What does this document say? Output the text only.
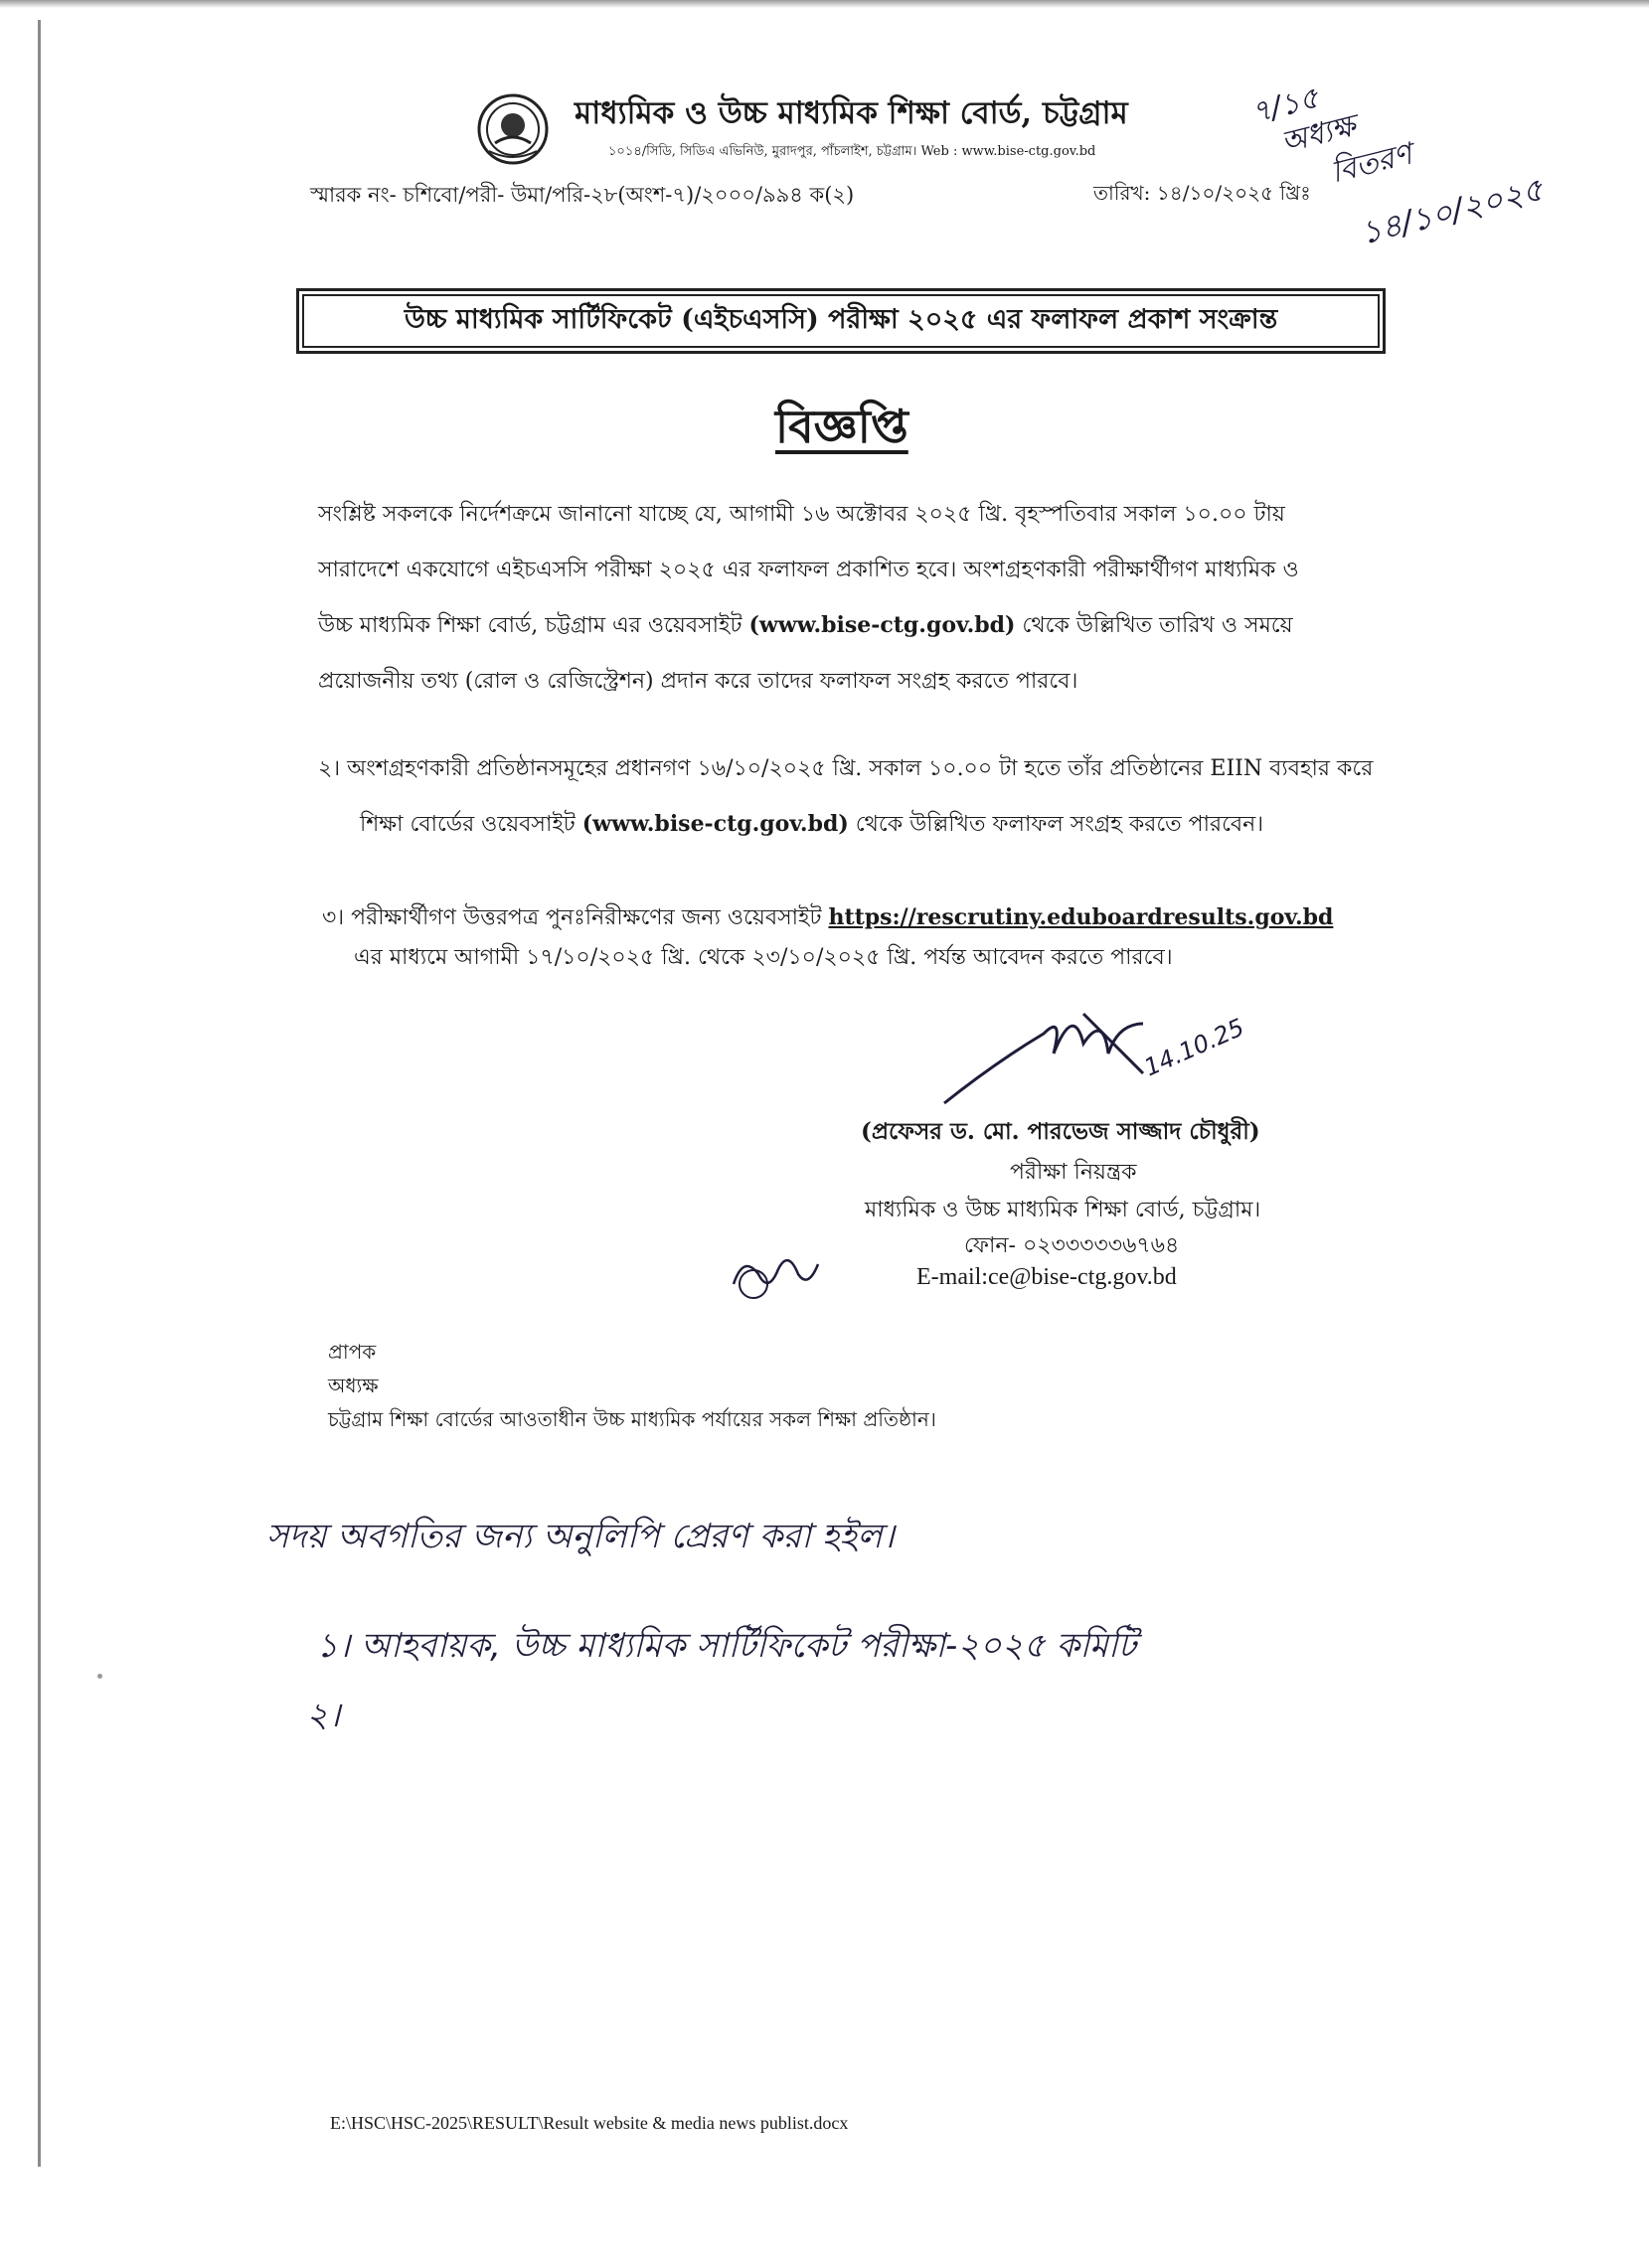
মাধ্যমিক ও উচ্চ মাধ্যমিক শিক্ষা বোর্ড, চট্টগ্রাম
১০১৪/সিডি, সিডিএ এভিনিউ, মুরাদপুর, পাঁচলাইশ, চট্টগ্রাম। Web : www.bise-ctg.gov.bd
স্মারক নং- চশিবো/পরী- উমা/পরি-২৮(অংশ-৭)/২০০০/৯৯৪ ক(২)	তারিখ: ১৪/১০/২০২৫ খ্রিঃ
উচ্চ মাধ্যমিক সার্টিফিকেট (এইচএসসি) পরীক্ষা ২০২৫ এর ফলাফল প্রকাশ সংক্রান্ত
বিজ্ঞপ্তি
সংশ্লিষ্ট সকলকে নির্দেশক্রমে জানানো যাচ্ছে যে, আগামী ১৬ অক্টোবর ২০২৫ খ্রি. বৃহস্পতিবার সকাল ১০.০০ টায়
সারাদেশে একযোগে এইচএসসি পরীক্ষা ২০২৫ এর ফলাফল প্রকাশিত হবে। অংশগ্রহণকারী পরীক্ষার্থীগণ মাধ্যমিক ও
উচ্চ মাধ্যমিক শিক্ষা বোর্ড, চট্টগ্রাম এর ওয়েবসাইট (www.bise-ctg.gov.bd) থেকে উল্লিখিত তারিখ ও সময়ে
প্রয়োজনীয় তথ্য (রোল ও রেজিস্ট্রেশন) প্রদান করে তাদের ফলাফল সংগ্রহ করতে পারবে।
২। অংশগ্রহণকারী প্রতিষ্ঠানসমূহের প্রধানগণ ১৬/১০/২০২৫ খ্রি. সকাল ১০.০০ টা হতে তাঁর প্রতিষ্ঠানের EIIN ব্যবহার করে
শিক্ষা বোর্ডের ওয়েবসাইট (www.bise-ctg.gov.bd) থেকে উল্লিখিত ফলাফল সংগ্রহ করতে পারবেন।
৩। পরীক্ষার্থীগণ উত্তরপত্র পুনঃনিরীক্ষণের জন্য ওয়েবসাইট https://rescrutiny.eduboardresults.gov.bd
এর মাধ্যমে আগামী ১৭/১০/২০২৫ খ্রি. থেকে ২৩/১০/২০২৫ খ্রি. পর্যন্ত আবেদন করতে পারবে।
14.10.25
(প্রফেসর ড. মো. পারভেজ সাজ্জাদ চৌধুরী)
পরীক্ষা নিয়ন্ত্রক
মাধ্যমিক ও উচ্চ মাধ্যমিক শিক্ষা বোর্ড, চট্টগ্রাম।
ফোন- ০২৩৩৩৩৩৬৭৬৪
E-mail:ce@bise-ctg.gov.bd
প্রাপক
অধ্যক্ষ
চট্টগ্রাম শিক্ষা বোর্ডের আওতাধীন উচ্চ মাধ্যমিক পর্যায়ের সকল শিক্ষা প্রতিষ্ঠান।
সদয় অবগতির জন্য অনুলিপি প্রেরণ করা হইল।
১। আহবায়ক, উচ্চ মাধ্যমিক সার্টিফিকেট পরীক্ষা-২০২৫ কমিটি
২।
৭/১৫
অধ্যক্ষ
বিতরণ
১৪/১০/২০২৫
E:\HSC\HSC-2025\RESULT\Result website & media news publist.docx
